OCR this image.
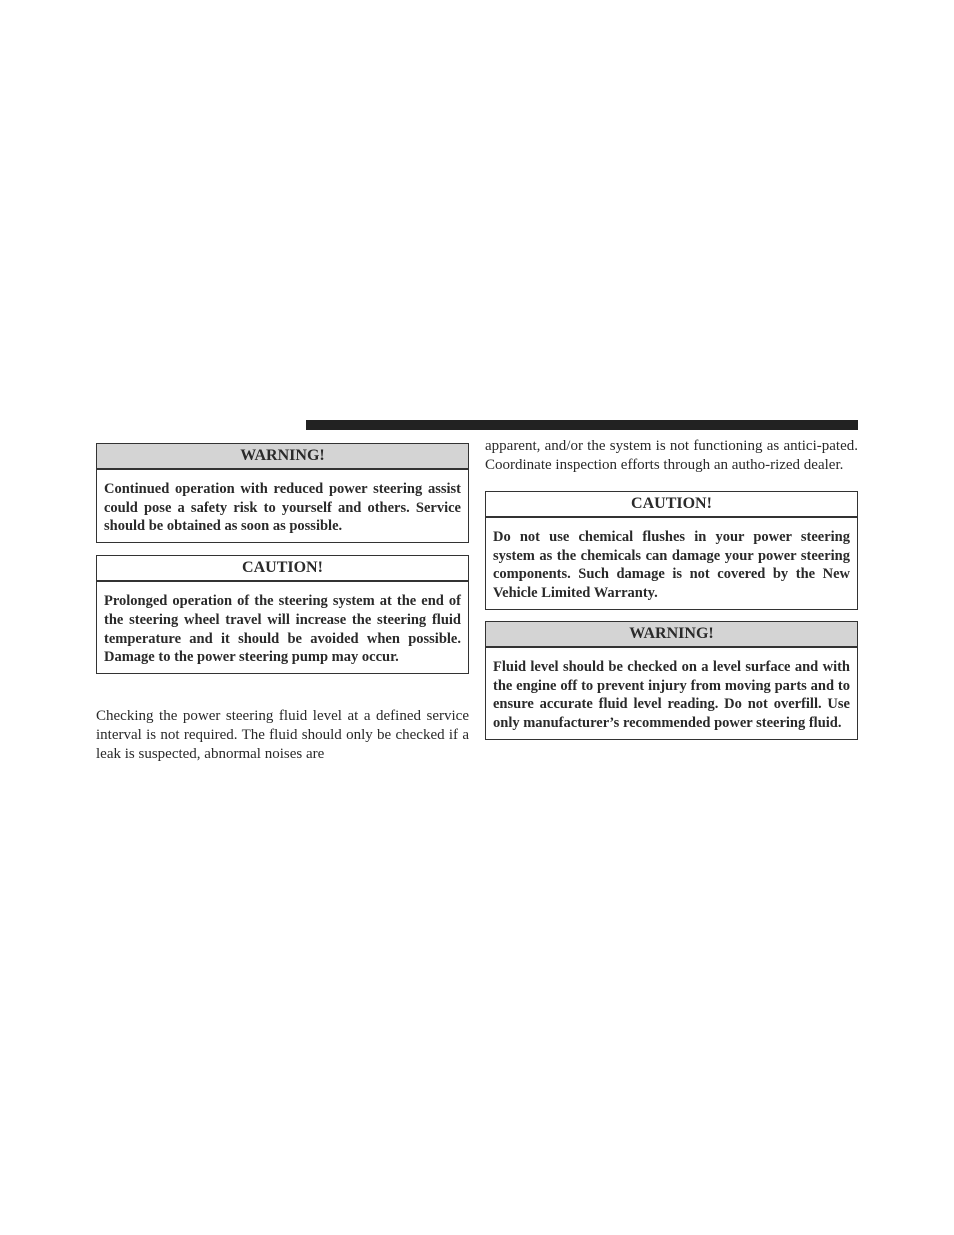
WARNING!
Continued operation with reduced power steering assist could pose a safety risk to yourself and others. Service should be obtained as soon as possible.
CAUTION!
Prolonged operation of the steering system at the end of the steering wheel travel will increase the steering fluid temperature and it should be avoided when possible. Damage to the power steering pump may occur.

Checking the power steering fluid level at a defined service interval is not required. The fluid should only be checked if a leak is suspected, abnormal noises are

apparent, and/or the system is not functioning as antici-pated. Coordinate inspection efforts through an autho-rized dealer.

CAUTION!
Do not use chemical flushes in your power steering system as the chemicals can damage your power steering components. Such damage is not covered by the New Vehicle Limited Warranty.
WARNING!
Fluid level should be checked on a level surface and with the engine off to prevent injury from moving parts and to ensure accurate fluid level reading. Do not overfill. Use only manufacturer’s recommended power steering fluid.
